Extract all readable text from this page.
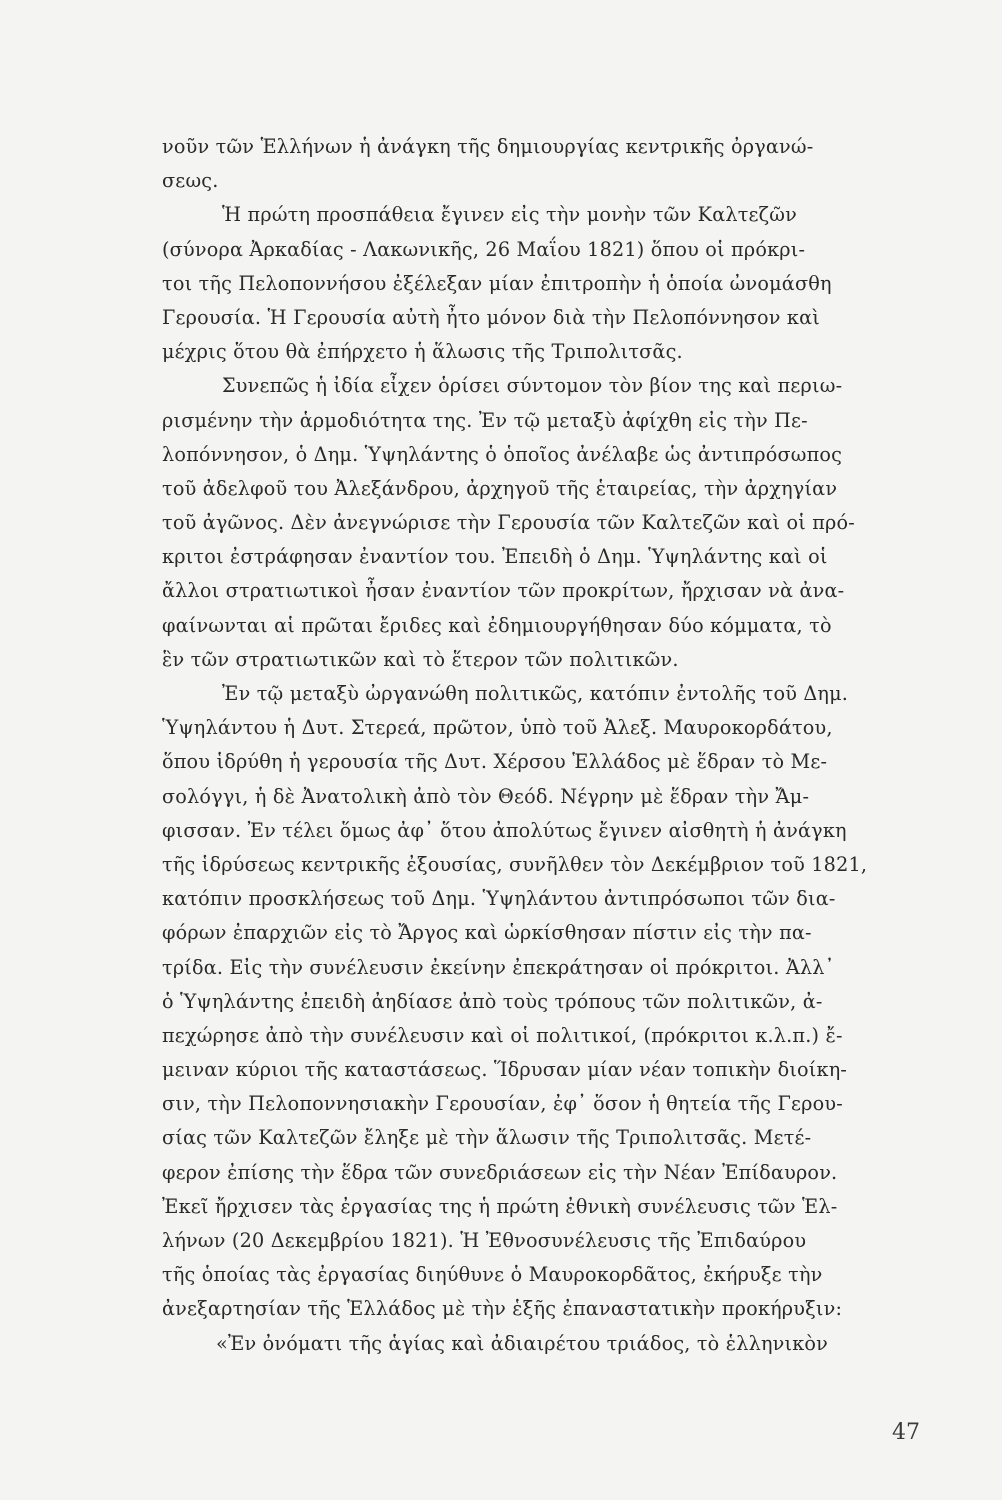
νοῦν τῶν Ἑλλήνων ἡ ἀνάγκη τῆς δημιουργίας κεντρικῆς ὀργανώ-
σεως.
Ἡ πρώτη προσπάθεια ἔγινεν εἰς τὴν μονὴν τῶν Καλτεζῶν
(σύνορα Ἀρκαδίας - Λακωνικῆς, 26 Μαΐου 1821) ὅπου οἱ πρόκρι-
τοι τῆς Πελοποννήσου ἐξέλεξαν μίαν ἐπιτροπὴν ἡ ὁποία ὠνομάσθη
Γερουσία. Ἡ Γερουσία αὐτὴ ἦτο μόνον διὰ τὴν Πελοπόννησον καὶ
μέχρις ὅτου θὰ ἐπήρχετο ἡ ἅλωσις τῆς Τριπολιτσᾶς.
Συνεπῶς ἡ ἰδία εἶχεν ὁρίσει σύντομον τὸν βίον της καὶ περιω-
ρισμένην τὴν ἁρμοδιότητα της. Ἐν τῷ μεταξὺ ἀφίχθη εἰς τὴν Πε-
λοπόννησον, ὁ Δημ. Ὑψηλάντης ὁ ὁποῖος ἀνέλαβε ὡς ἀντιπρόσωπος
τοῦ ἀδελφοῦ του Ἀλεξάνδρου, ἀρχηγοῦ τῆς ἑταιρείας, τὴν ἀρχηγίαν
τοῦ ἀγῶνος. Δὲν ἀνεγνώρισε τὴν Γερουσία τῶν Καλτεζῶν καὶ οἱ πρό-
κριτοι ἐστράφησαν ἐναντίον του. Ἐπειδὴ ὁ Δημ. Ὑψηλάντης καὶ οἱ
ἄλλοι στρατιωτικοὶ ἦσαν ἐναντίον τῶν προκρίτων, ἤρχισαν νὰ ἀνα-
φαίνωνται αἱ πρῶται ἔριδες καὶ ἐδημιουργήθησαν δύο κόμματα, τὸ
ἓν τῶν στρατιωτικῶν καὶ τὸ ἕτερον τῶν πολιτικῶν.
Ἐν τῷ μεταξὺ ὠργανώθη πολιτικῶς, κατόπιν ἐντολῆς τοῦ Δημ.
Ὑψηλάντου ἡ Δυτ. Στερεά, πρῶτον, ὑπὸ τοῦ Ἀλεξ. Μαυροκορδάτου,
ὅπου ἱδρύθη ἡ γερουσία τῆς Δυτ. Χέρσου Ἑλλάδος μὲ ἕδραν τὸ Με-
σολόγγι, ἡ δὲ Ἀνατολικὴ ἀπὸ τὸν Θεόδ. Νέγρην μὲ ἕδραν τὴν Ἄμ-
φισσαν. Ἐν τέλει ὅμως ἀφ᾽ ὅτου ἀπολύτως ἔγινεν αἰσθητὴ ἡ ἀνάγκη
τῆς ἱδρύσεως κεντρικῆς ἐξουσίας, συνῆλθεν τὸν Δεκέμβριον τοῦ 1821,
κατόπιν προσκλήσεως τοῦ Δημ. Ὑψηλάντου ἀντιπρόσωποι τῶν δια-
φόρων ἐπαρχιῶν εἰς τὸ Ἄργος καὶ ὡρκίσθησαν πίστιν εἰς τὴν πα-
τρίδα. Εἰς τὴν συνέλευσιν ἐκείνην ἐπεκράτησαν οἱ πρόκριτοι. Ἀλλ᾽
ὁ Ὑψηλάντης ἐπειδὴ ἀηδίασε ἀπὸ τοὺς τρόπους τῶν πολιτικῶν, ἀ-
πεχώρησε ἀπὸ τὴν συνέλευσιν καὶ οἱ πολιτικοί, (πρόκριτοι κ.λ.π.) ἔ-
μειναν κύριοι τῆς καταστάσεως. Ἵδρυσαν μίαν νέαν τοπικὴν διοίκη-
σιν, τὴν Πελοποννησιακὴν Γερουσίαν, ἐφ᾽ ὅσον ἡ θητεία τῆς Γερου-
σίας τῶν Καλτεζῶν ἔληξε μὲ τὴν ἅλωσιν τῆς Τριπολιτσᾶς. Μετέ-
φερον ἐπίσης τὴν ἕδρα τῶν συνεδριάσεων εἰς τὴν Νέαν Ἐπίδαυρον.
Ἐκεῖ ἤρχισεν τὰς ἐργασίας της ἡ πρώτη ἐθνικὴ συνέλευσις τῶν Ἑλ-
λήνων (20 Δεκεμβρίου 1821). Ἡ Ἐθνοσυνέλευσις τῆς Ἐπιδαύρου
τῆς ὁποίας τὰς ἐργασίας διηύθυνε ὁ Μαυροκορδᾶτος, ἐκήρυξε τὴν
ἀνεξαρτησίαν τῆς Ἑλλάδος μὲ τὴν ἑξῆς ἐπαναστατικὴν προκήρυξιν:
«Ἐν ὀνόματι τῆς ἁγίας καὶ ἀδιαιρέτου τριάδος, τὸ ἑλληνικὸν
47
